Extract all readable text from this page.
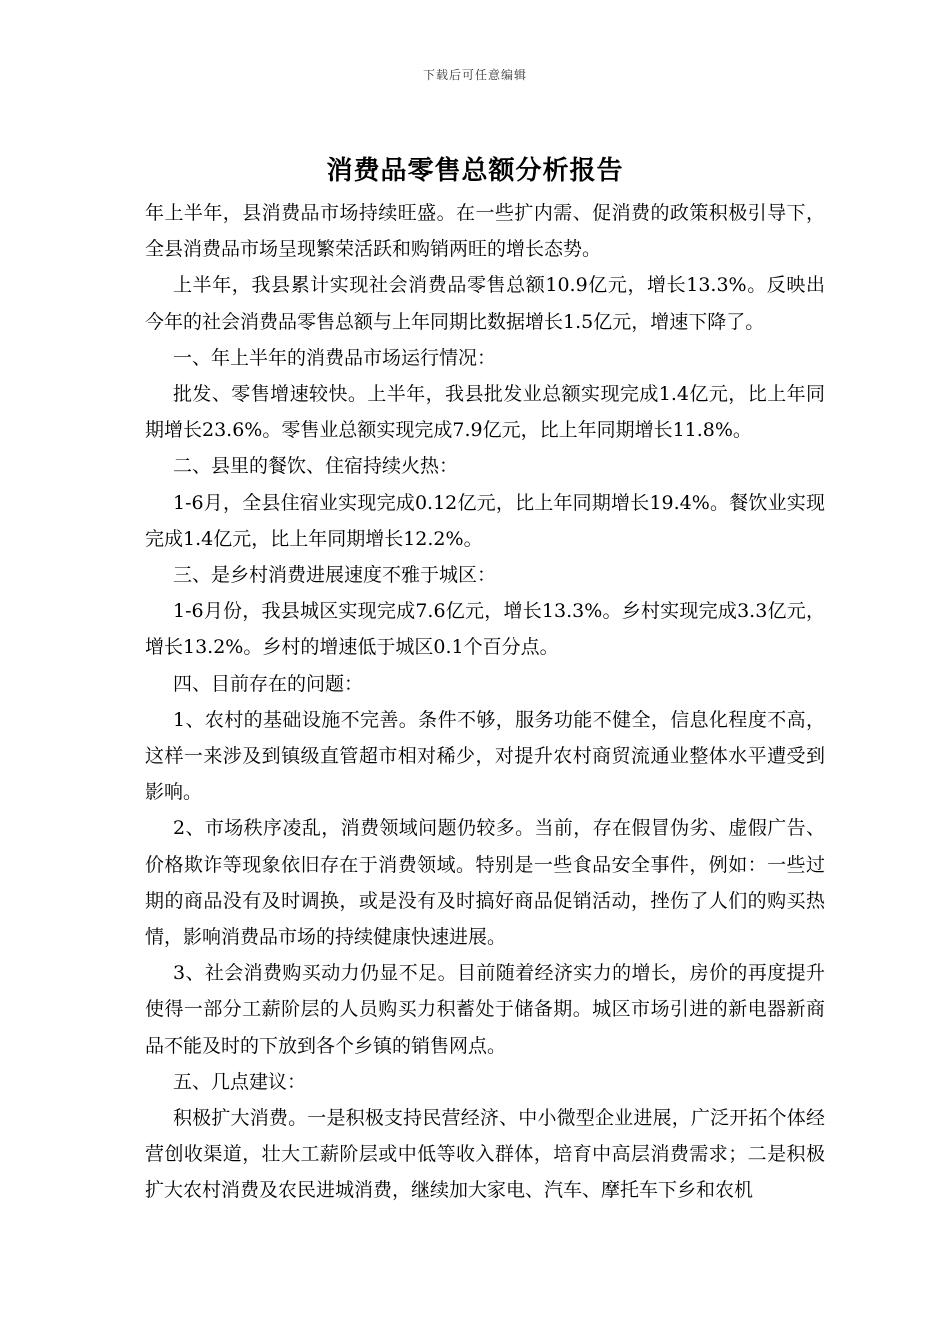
下载后可任意编辑
消费品零售总额分析报告

年上半年，县消费品市场持续旺盛。在一些扩内需、促消费的政策积极引导下，全县消费品市场呈现繁荣活跃和购销两旺的增长态势。

上半年，我县累计实现社会消费品零售总额10.9亿元，增长13.3%。反映出今年的社会消费品零售总额与上年同期比数据增长1.5亿元，增速下降了。

一、年上半年的消费品市场运行情况：

批发、零售增速较快。上半年，我县批发业总额实现完成1.4亿元，比上年同期增长23.6%。零售业总额实现完成7.9亿元，比上年同期增长11.8%。

二、县里的餐饮、住宿持续火热：

1-6月，全县住宿业实现完成0.12亿元，比上年同期增长19.4%。餐饮业实现完成1.4亿元，比上年同期增长12.2%。

三、是乡村消费进展速度不雅于城区：

1-6月份，我县城区实现完成7.6亿元，增长13.3%。乡村实现完成3.3亿元，增长13.2%。乡村的增速低于城区0.1个百分点。

四、目前存在的问题：

1、农村的基础设施不完善。条件不够，服务功能不健全，信息化程度不高，这样一来涉及到镇级直管超市相对稀少，对提升农村商贸流通业整体水平遭受到影响。

2、市场秩序凌乱，消费领域问题仍较多。当前，存在假冒伪劣、虚假广告、价格欺诈等现象依旧存在于消费领域。特别是一些食品安全事件，例如：一些过期的商品没有及时调换，或是没有及时搞好商品促销活动，挫伤了人们的购买热情，影响消费品市场的持续健康快速进展。

3、社会消费购买动力仍显不足。目前随着经济实力的增长，房价的再度提升使得一部分工薪阶层的人员购买力积蓄处于储备期。城区市场引进的新电器新商品不能及时的下放到各个乡镇的销售网点。

五、几点建议：

积极扩大消费。一是积极支持民营经济、中小微型企业进展，广泛开拓个体经营创收渠道，壮大工薪阶层或中低等收入群体，培育中高层消费需求；二是积极扩大农村消费及农民进城消费，继续加大家电、汽车、摩托车下乡和农机
